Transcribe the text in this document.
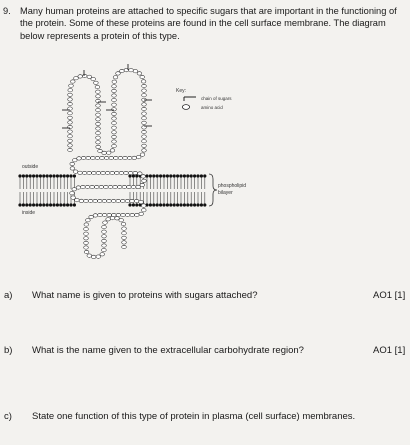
9. Many human proteins are attached to specific sugars that are important in the functioning of the protein. Some of these proteins are found in the cell surface membrane. The diagram below represents a protein of this type.
Key:
chain of sugars
amino acid
outside
inside
phospholipid
bilayer
a) What name is given to proteins with sugars attached?	AO1 [1]
b) What is the name given to the extracellular carbohydrate region?	AO1 [1]
c) State one function of this type of protein in plasma (cell surface) membranes.
